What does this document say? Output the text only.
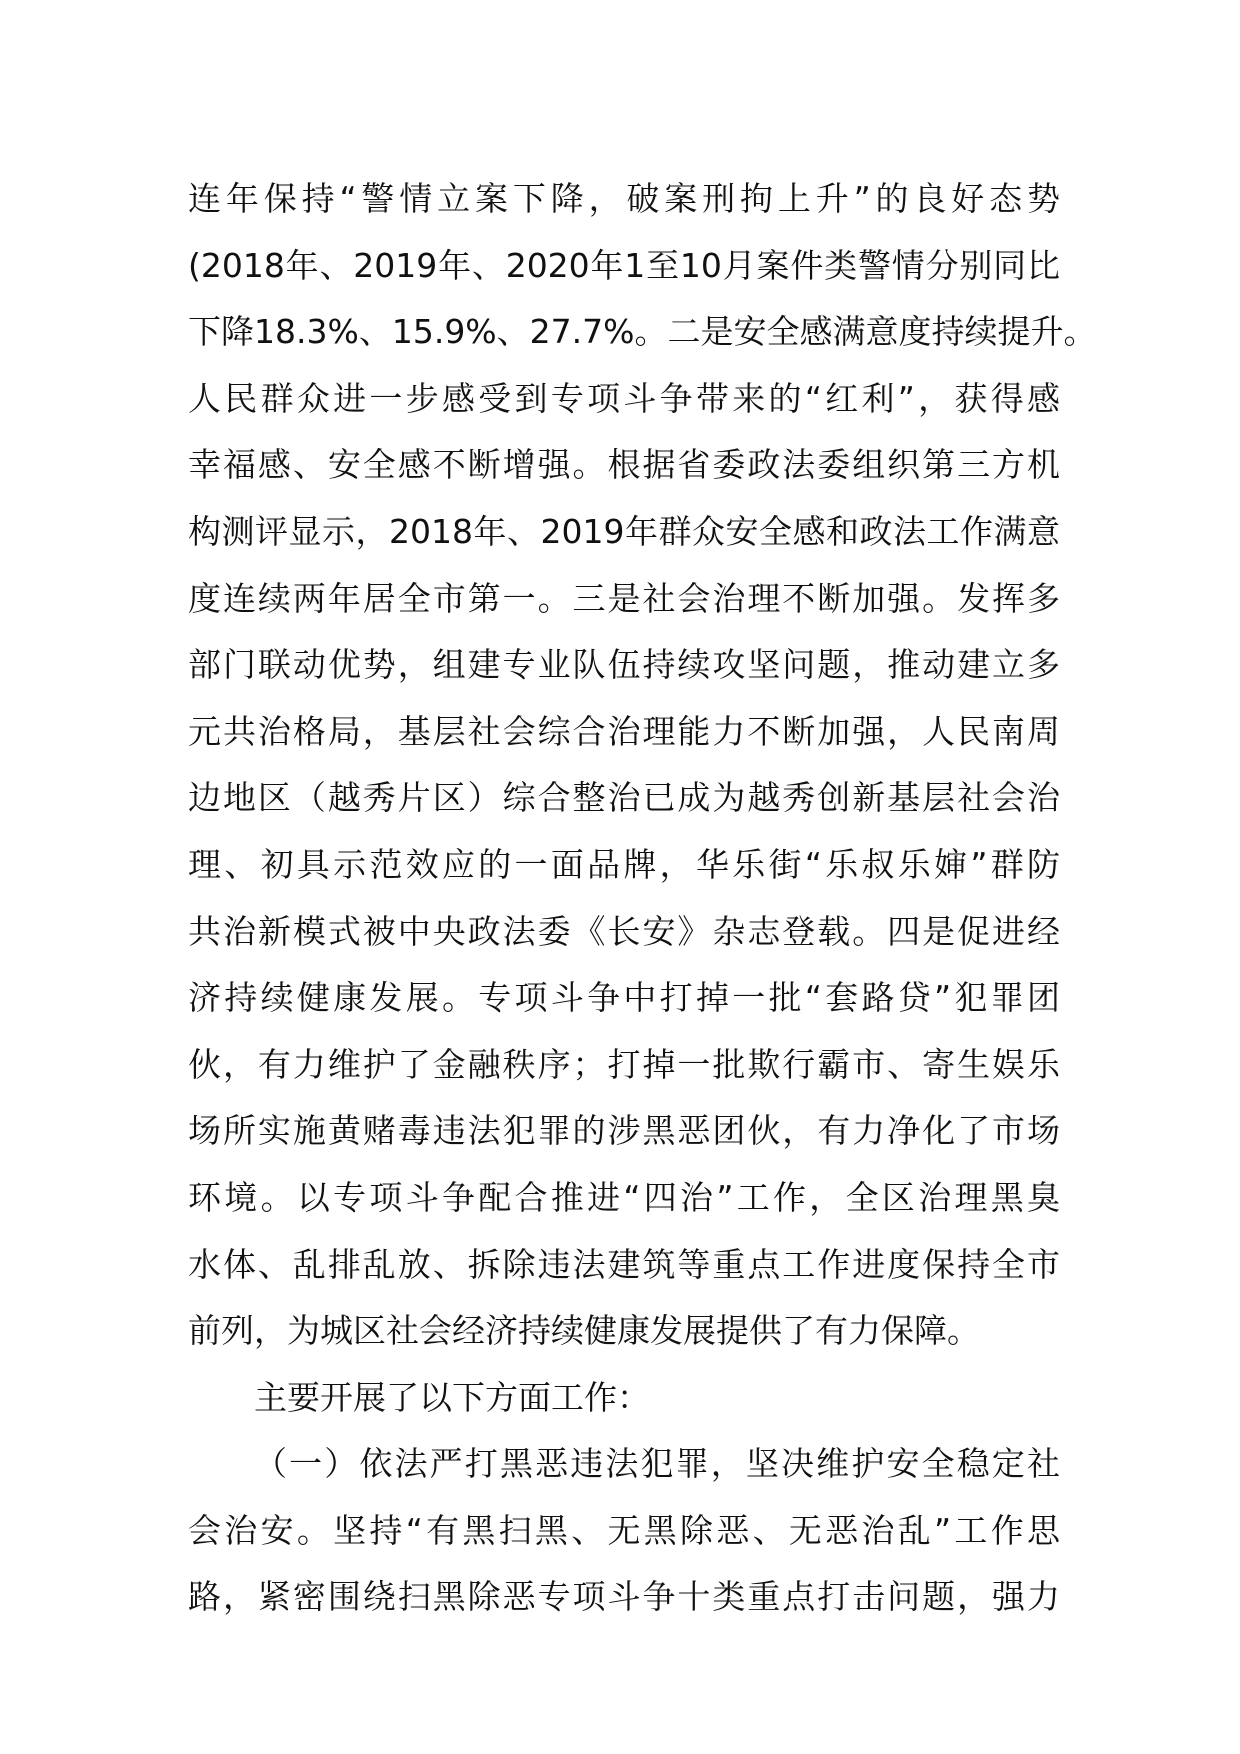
连年保持“警情立案下降，破案刑拘上升”的良好态势
(2018年、2019年、2020年1至10月案件类警情分别同比
下降18.3%、15.9%、27.7%。二是安全感满意度持续提升。
人民群众进一步感受到专项斗争带来的“红利”，获得感
幸福感、安全感不断增强。根据省委政法委组织第三方机
构测评显示，2018年、2019年群众安全感和政法工作满意
度连续两年居全市第一。三是社会治理不断加强。发挥多
部门联动优势，组建专业队伍持续攻坚问题，推动建立多
元共治格局，基层社会综合治理能力不断加强，人民南周
边地区（越秀片区）综合整治已成为越秀创新基层社会治
理、初具示范效应的一面品牌，华乐街“乐叔乐婶”群防
共治新模式被中央政法委《长安》杂志登载。四是促进经
济持续健康发展。专项斗争中打掉一批“套路贷”犯罪团
伙，有力维护了金融秩序；打掉一批欺行霸市、寄生娱乐
场所实施黄赌毒违法犯罪的涉黑恶团伙，有力净化了市场
环境。以专项斗争配合推进“四治”工作，全区治理黑臭
水体、乱排乱放、拆除违法建筑等重点工作进度保持全市
前列，为城区社会经济持续健康发展提供了有力保障。
主要开展了以下方面工作：
（一）依法严打黑恶违法犯罪，坚决维护安全稳定社
会治安。坚持“有黑扫黑、无黑除恶、无恶治乱”工作思
路，紧密围绕扫黑除恶专项斗争十类重点打击问题，强力
